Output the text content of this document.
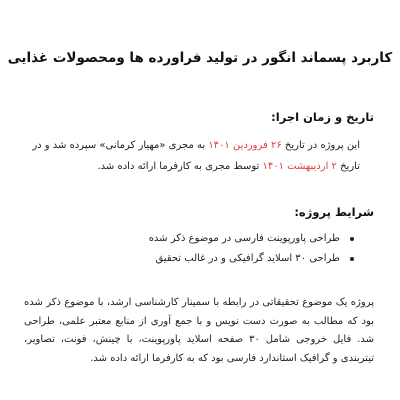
کاربرد پسماند انگور در تولید فراورده ها ومحصولات غذایی
تاریخ و زمان اجرا:

این پروژه در تاریخ ۲۶ فروردین ۱۴۰۱ به مجری «مهیار کرمانی» سپرده شد و در تاریخ ۲ اردیبهشت ۱۴۰۱ توسط مجری به کارفرما ارائه داده شد.

شرایط پروژه:
طراحی پاورپوینت فارسی در موضوع ذکر شده
طراحی ۳۰ اسلاید گرافیکی و در غالب تحقیق

پروژه یک موضوع تحقیقاتی در رابطه با سمینار کارشناسی ارشد، با موضوع ذکر شده بود که مطالب به صورت دست نویس و با جمع آوری از منابع معتبر علمی، طراحی شد. فایل خروجی شامل ۳۰ صفحه اسلاید پاورپوینت، با چینش، فونت، تصاویر، تیتربندی و گرافیک استاندارد فارسی بود که به کارفرما ارائه داده شد.
